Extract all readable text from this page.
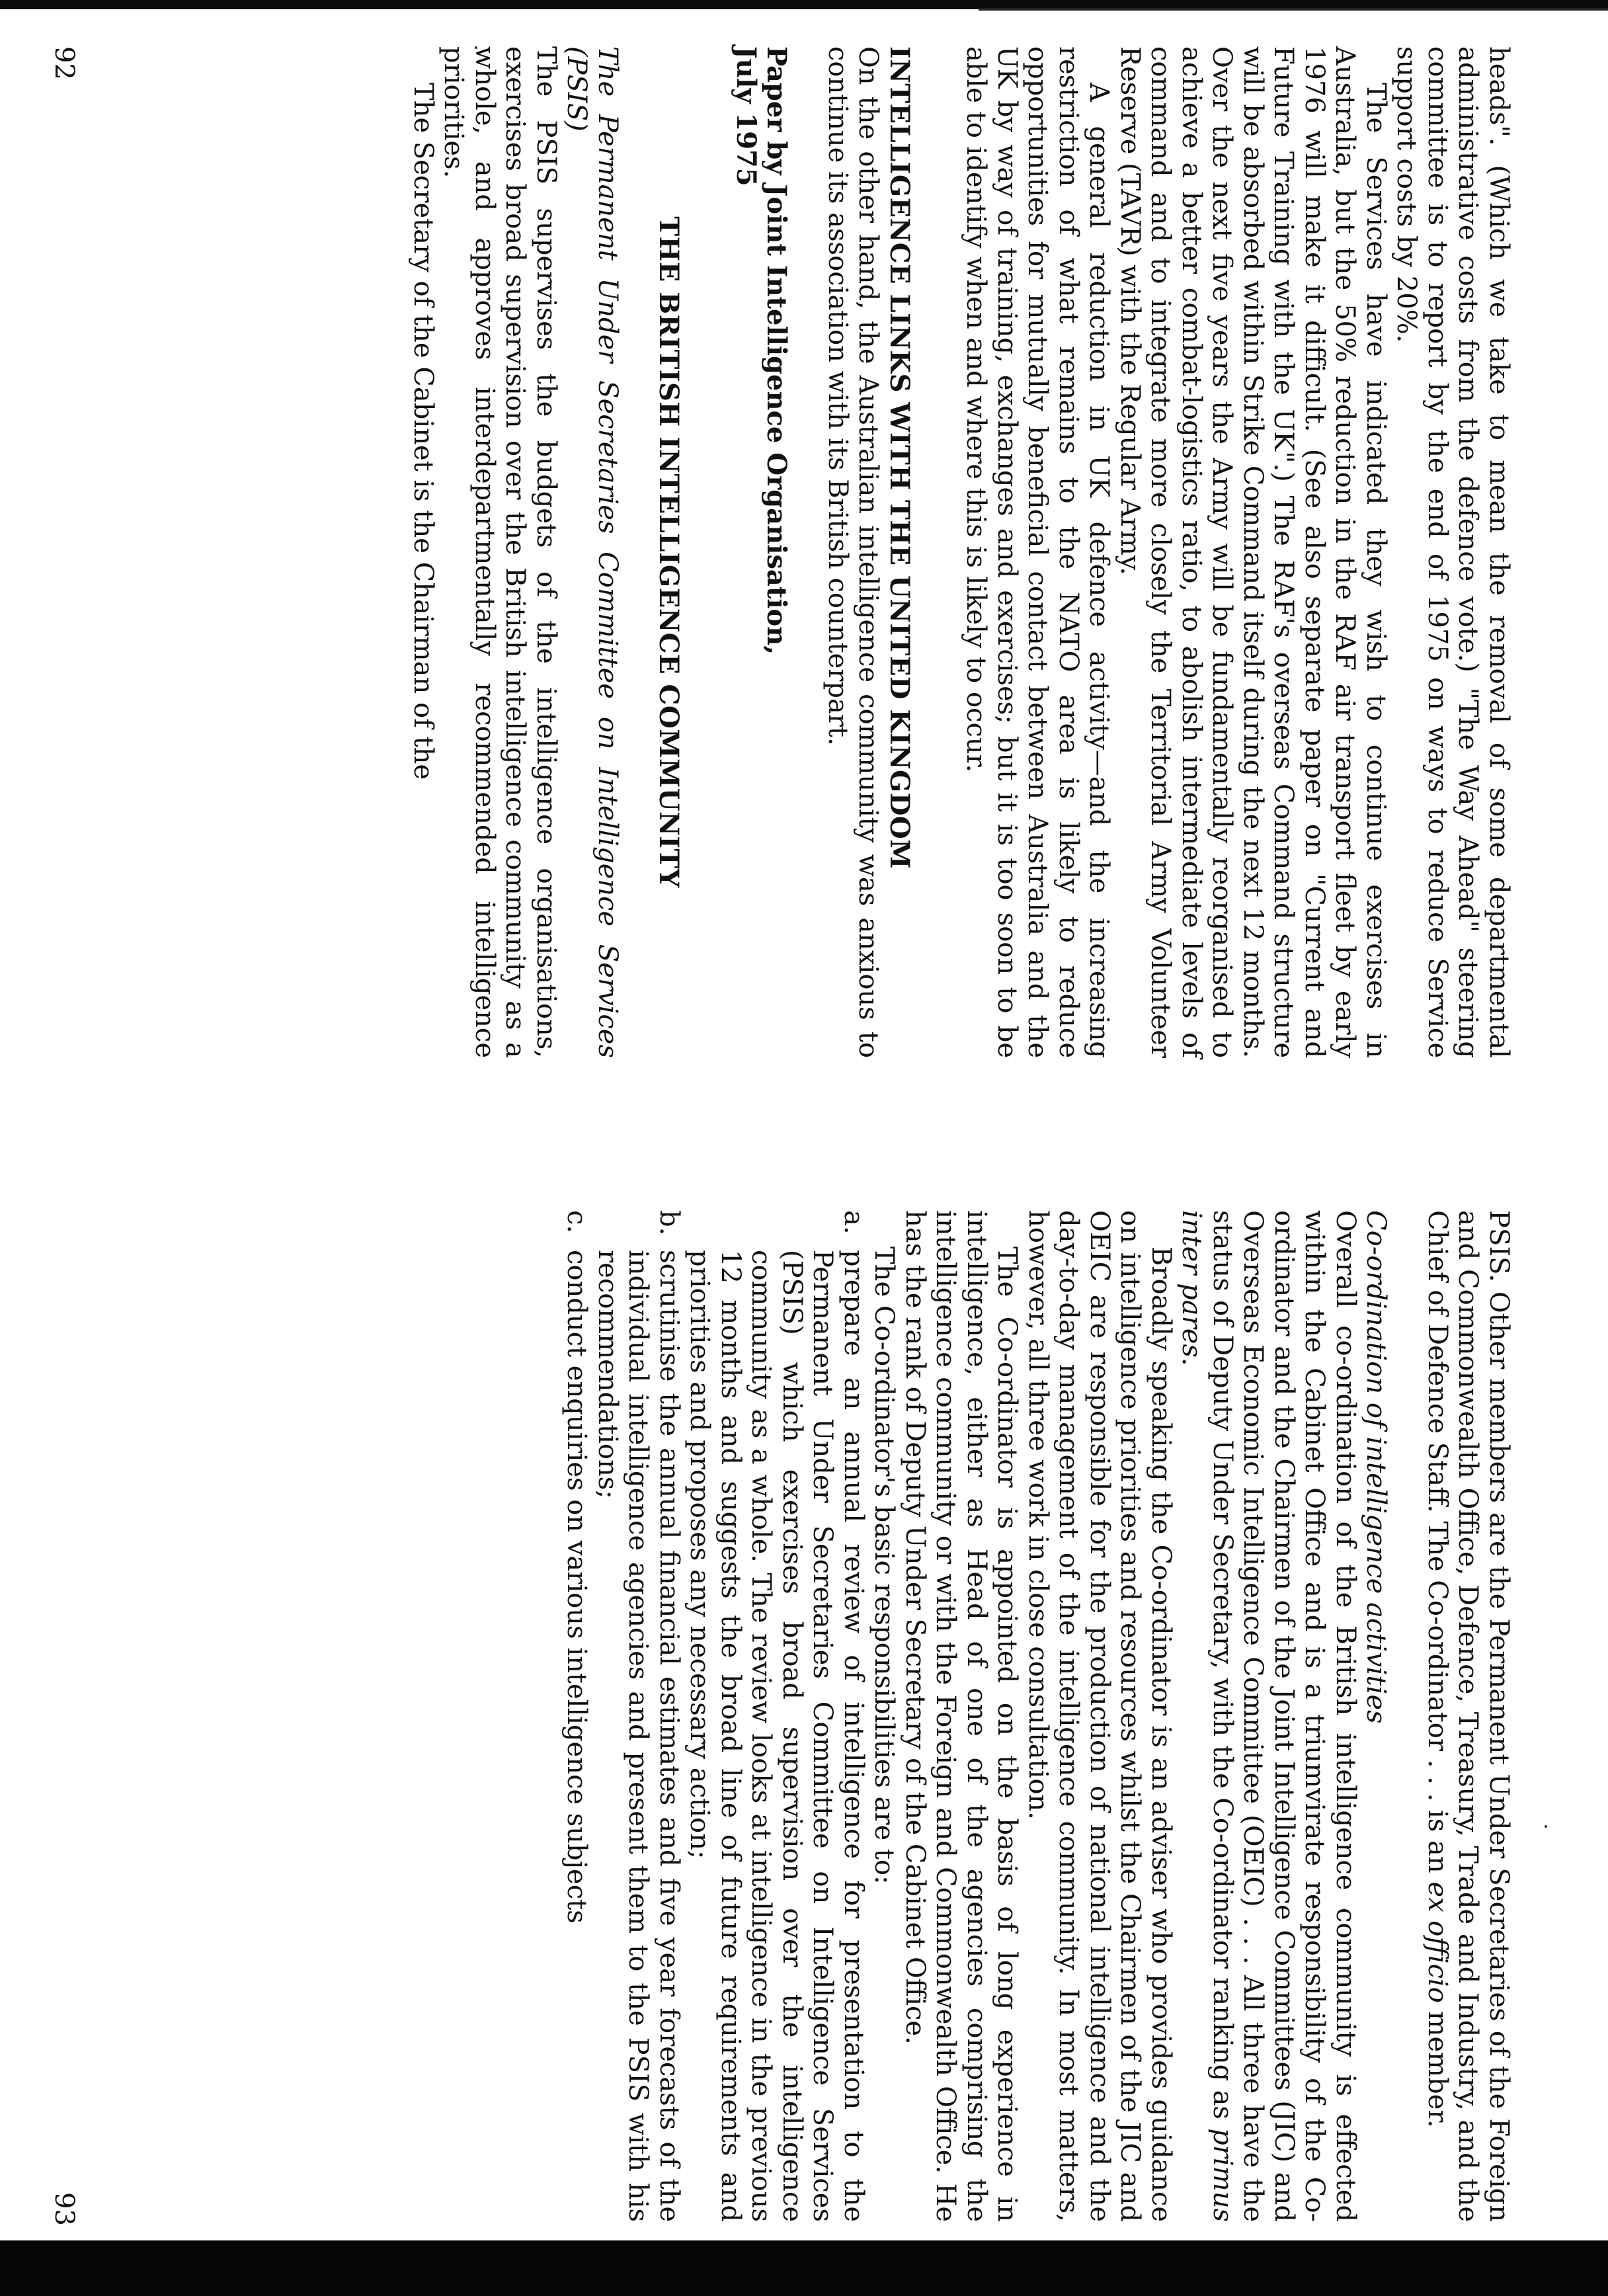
heads". (Which we take to mean the removal of some departmental administrative costs from the defence vote.) "The Way Ahead" steering committee is to report by the end of 1975 on ways to reduce Service support costs by 20%.

The Services have indicated they wish to continue exercises in Australia, but the 50% reduction in the RAF air transport fleet by early 1976 will make it difficult. (See also separate paper on "Current and Future Training with the UK".) The RAF's overseas Command structure will be absorbed within Strike Command itself during the next 12 months. Over the next five years the Army will be fundamentally reorganised to achieve a better combat-logistics ratio, to abolish intermediate levels of command and to integrate more closely the Territorial Army Volunteer Reserve (TAVR) with the Regular Army.

A general reduction in UK defence activity—and the increasing restriction of what remains to the NATO area is likely to reduce opportunities for mutually beneficial contact between Australia and the UK by way of training, exchanges and exercises; but it is too soon to be able to identify when and where this is likely to occur.

INTELLIGENCE LINKS WITH THE UNITED KINGDOM

On the other hand, the Australian intelligence community was anxious to continue its association with its British counterpart.

Paper by Joint Intelligence Organisation,
July 1975

THE BRITISH INTELLIGENCE COMMUNITY

The Permanent Under Secretaries Committee on Intelligence Services (PSIS)

The PSIS supervises the budgets of the intelligence organisations, exercises broad supervision over the British intelligence community as a whole, and approves interdepartmentally recommended intelligence priorities.

The Secretary of the Cabinet is the Chairman of the

92

PSIS. Other members are the Permanent Under Secretaries of the Foreign and Commonwealth Office, Defence, Treasury, Trade and Industry, and the Chief of Defence Staff. The Co-ordinator . . . is an ex officio member.

Co-ordination of intelligence activities

Overall co-ordination of the British intelligence community is effected within the Cabinet Office and is a triumvirate responsibility of the Co-ordinator and the Chairmen of the Joint Intelligence Committees (JIC) and Overseas Economic Intelligence Committee (OEIC) . . . All three have the status of Deputy Under Secretary, with the Co-ordinator ranking as primus inter pares.

Broadly speaking the Co-ordinator is an adviser who provides guidance on intelligence priorities and resources whilst the Chairmen of the JIC and OEIC are responsible for the production of national intelligence and the day-to-day management of the intelligence community. In most matters, however, all three work in close consultation.

The Co-ordinator is appointed on the basis of long experience in intelligence, either as Head of one of the agencies comprising the intelligence community or with the Foreign and Commonwealth Office. He has the rank of Deputy Under Secretary of the Cabinet Office.

The Co-ordinator's basic responsibilities are to:

a.
prepare an annual review of intelligence for presentation to the Permanent Under Secretaries Committee on Intelligence Services (PSIS) which exercises broad supervision over the intelligence community as a whole. The review looks at intelligence in the previous 12 months and suggests the broad line of future requirements and priorities and proposes any necessary action;
b.
scrutinise the annual financial estimates and five year forecasts of the individual intelligence agencies and present them to the PSIS with his recommendations;
c.
conduct enquiries on various intelligence subjects
93
